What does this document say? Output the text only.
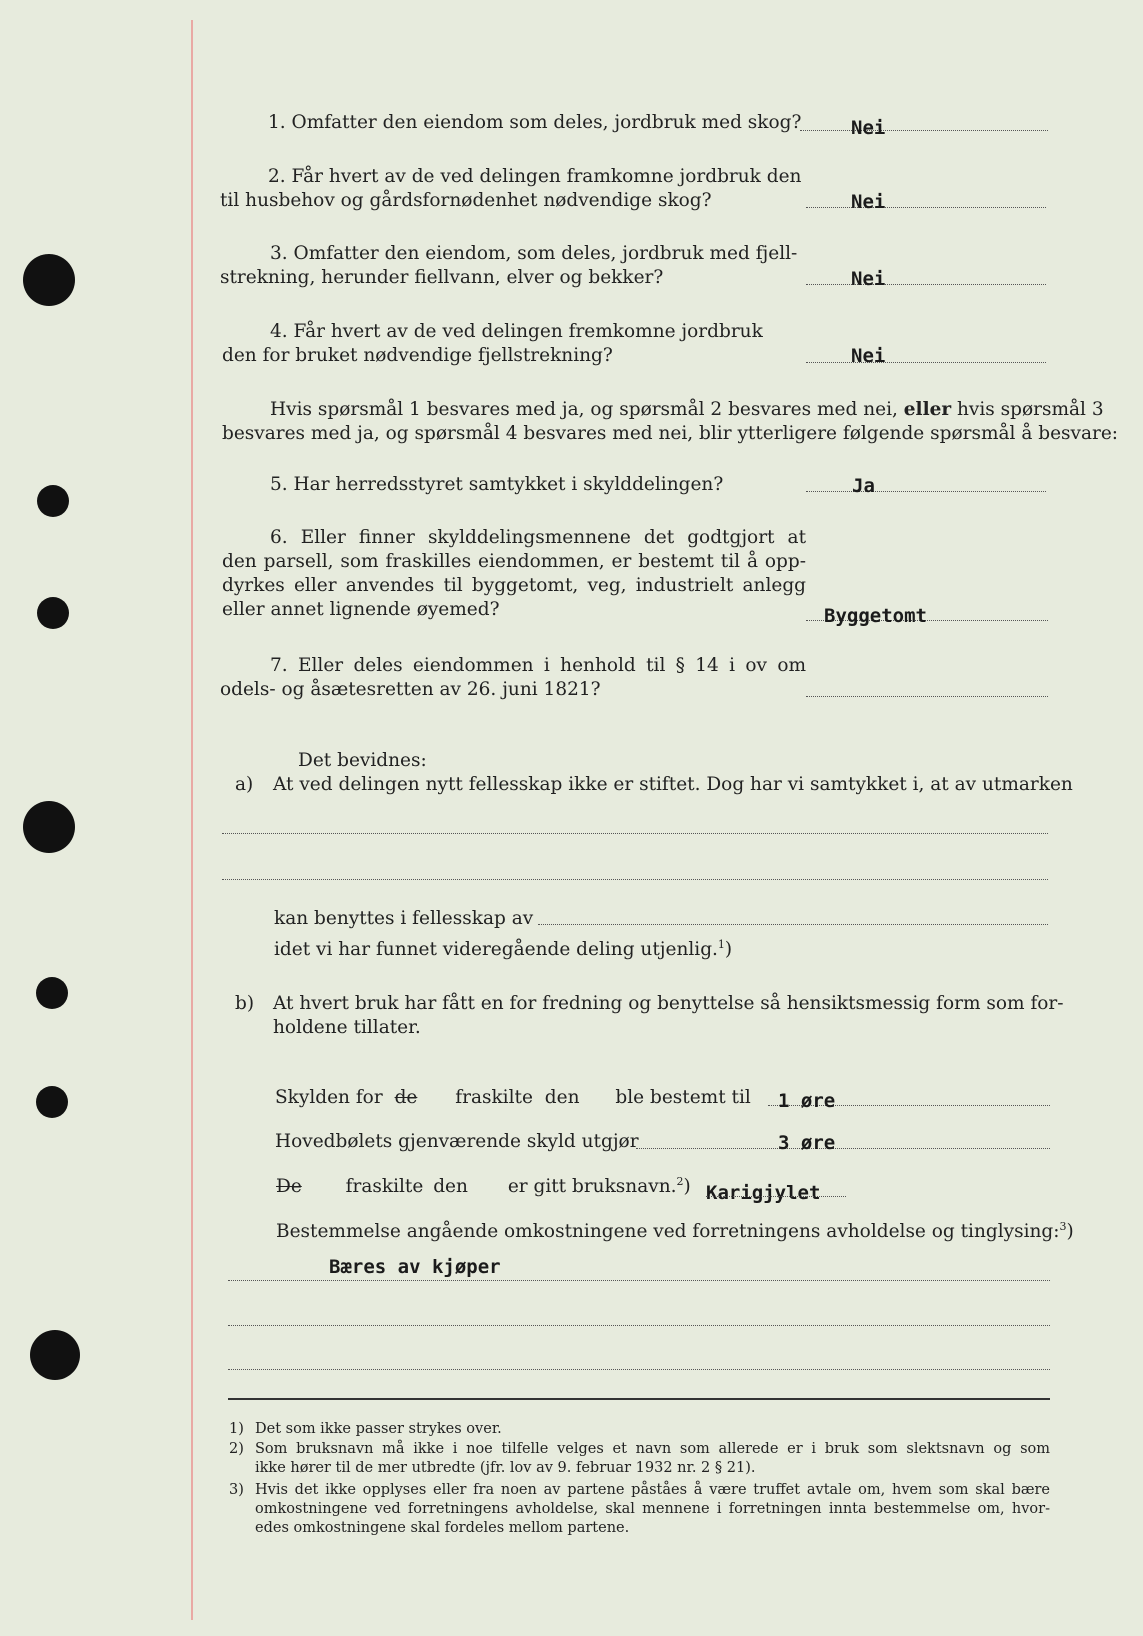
1. Omfatter den eiendom som deles, jordbruk med skog?	Nei
2. Får hvert av de ved delingen framkomne jordbruk den
til husbehov og gårdsfornødenhet nødvendige skog?	Nei
3. Omfatter den eiendom, som deles, jordbruk med fjell-
strekning, herunder fiellvann, elver og bekker?	Nei
4. Får hvert av de ved delingen fremkomne jordbruk
den for bruket nødvendige fjellstrekning?	Nei
Hvis spørsmål 1 besvares med ja, og spørsmål 2 besvares med nei, eller hvis spørsmål 3
besvares med ja, og spørsmål 4 besvares med nei, blir ytterligere følgende spørsmål å besvare:
5. Har herredsstyret samtykket i skylddelingen?	Ja
6. Eller finner skylddelingsmennene det godtgjort at
den parsell, som fraskilles eiendommen, er bestemt til å opp-
dyrkes eller anvendes til byggetomt, veg, industrielt anlegg
eller annet lignende øyemed?	Byggetomt
7. Eller deles eiendommen i henhold til § 14 i ov om
odels- og åsætesretten av 26. juni 1821?
Det bevidnes:
a) At ved delingen nytt fellesskap ikke er stiftet. Dog har vi samtykket i, at av utmarken
kan benyttes i fellesskap av
idet vi har funnet videregående deling utjenlig.$^1$)
b) At hvert bruk har fått en for fredning og benyttelse så hensiktsmessig form som for-
holdene tillater.
Skylden for de fraskilte den ble bestemt til 1 øre
Hovedbølets gjenværende skyld utgjør	3 øre
De fraskilte den er gitt bruksnavn.$^2$) Karigjylet
Bestemmelse angående omkostningene ved forretningens avholdelse og tinglysing:$^3$)
Bæres av kjøper
1) Det som ikke passer strykes over.
2) Som bruksnavn må ikke i noe tilfelle velges et navn som allerede er i bruk som slektsnavn og som
ikke hører til de mer utbredte (jfr. lov av 9. februar 1932 nr. 2 § 21).
3) Hvis det ikke opplyses eller fra noen av partene påståes å være truffet avtale om, hvem som skal bære
omkostningene ved forretningens avholdelse, skal mennene i forretningen innta bestemmelse om, hvor-
edes omkostningene skal fordeles mellom partene.
